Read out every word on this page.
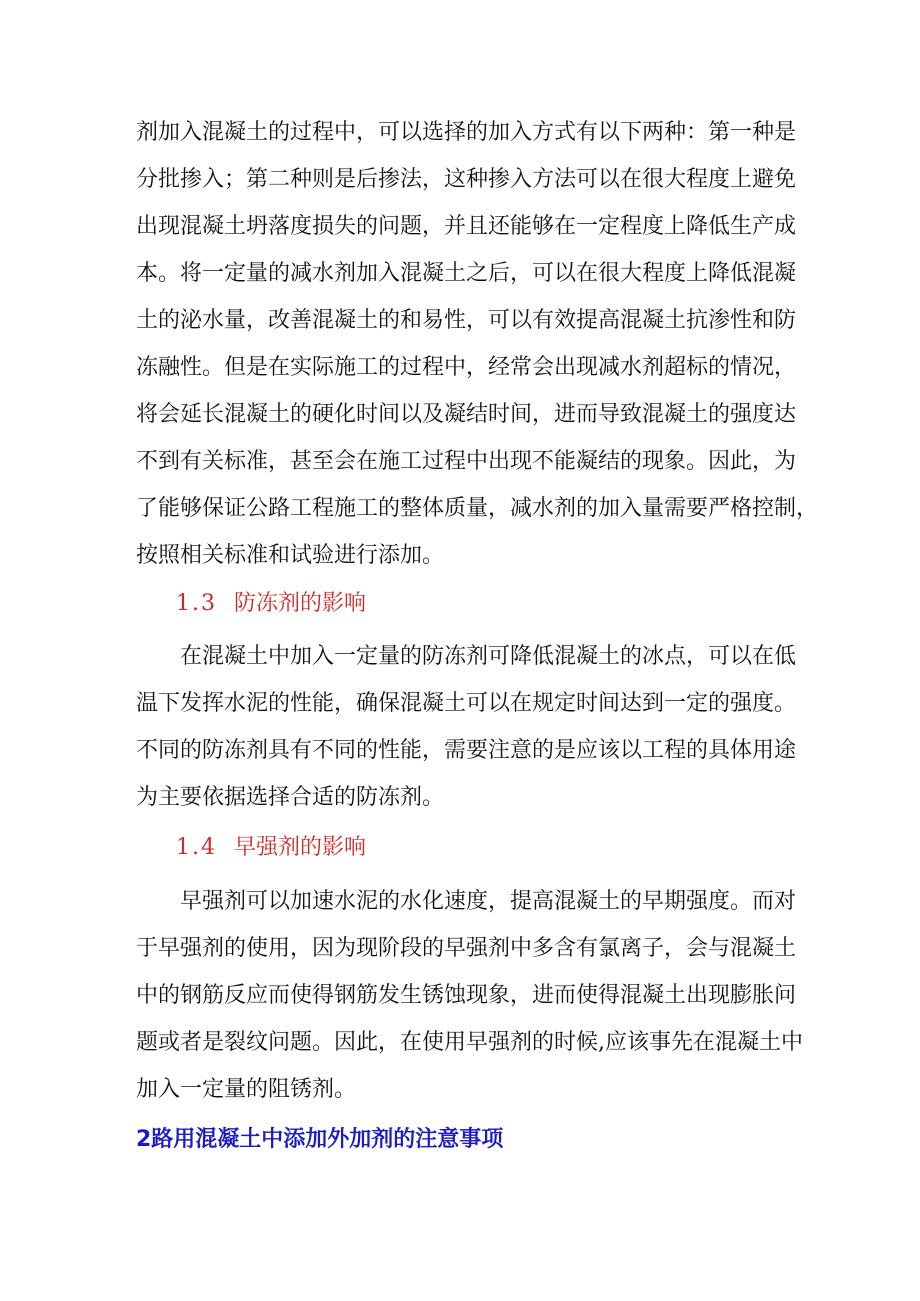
剂加入混凝土的过程中，可以选择的加入方式有以下两种：第一种是
分批掺入；第二种则是后掺法，这种掺入方法可以在很大程度上避免
出现混凝土坍落度损失的问题，并且还能够在一定程度上降低生产成
本。将一定量的减水剂加入混凝土之后，可以在很大程度上降低混凝
土的泌水量，改善混凝土的和易性，可以有效提高混凝土抗渗性和防
冻融性。但是在实际施工的过程中，经常会出现减水剂超标的情况，
将会延长混凝土的硬化时间以及凝结时间，进而导致混凝土的强度达
不到有关标准，甚至会在施工过程中出现不能凝结的现象。因此，为
了能够保证公路工程施工的整体质量，减水剂的加入量需要严格控制，
按照相关标准和试验进行添加。
1.3 防冻剂的影响
在混凝土中加入一定量的防冻剂可降低混凝土的冰点，可以在低
温下发挥水泥的性能，确保混凝土可以在规定时间达到一定的强度。
不同的防冻剂具有不同的性能，需要注意的是应该以工程的具体用途
为主要依据选择合适的防冻剂。
1.4 早强剂的影响
早强剂可以加速水泥的水化速度，提高混凝土的早期强度。而对
于早强剂的使用，因为现阶段的早强剂中多含有氯离子，会与混凝土
中的钢筋反应而使得钢筋发生锈蚀现象，进而使得混凝土出现膨胀问
题或者是裂纹问题。因此，在使用早强剂的时候,应该事先在混凝土中
加入一定量的阻锈剂。
2路用混凝土中添加外加剂的注意事项
